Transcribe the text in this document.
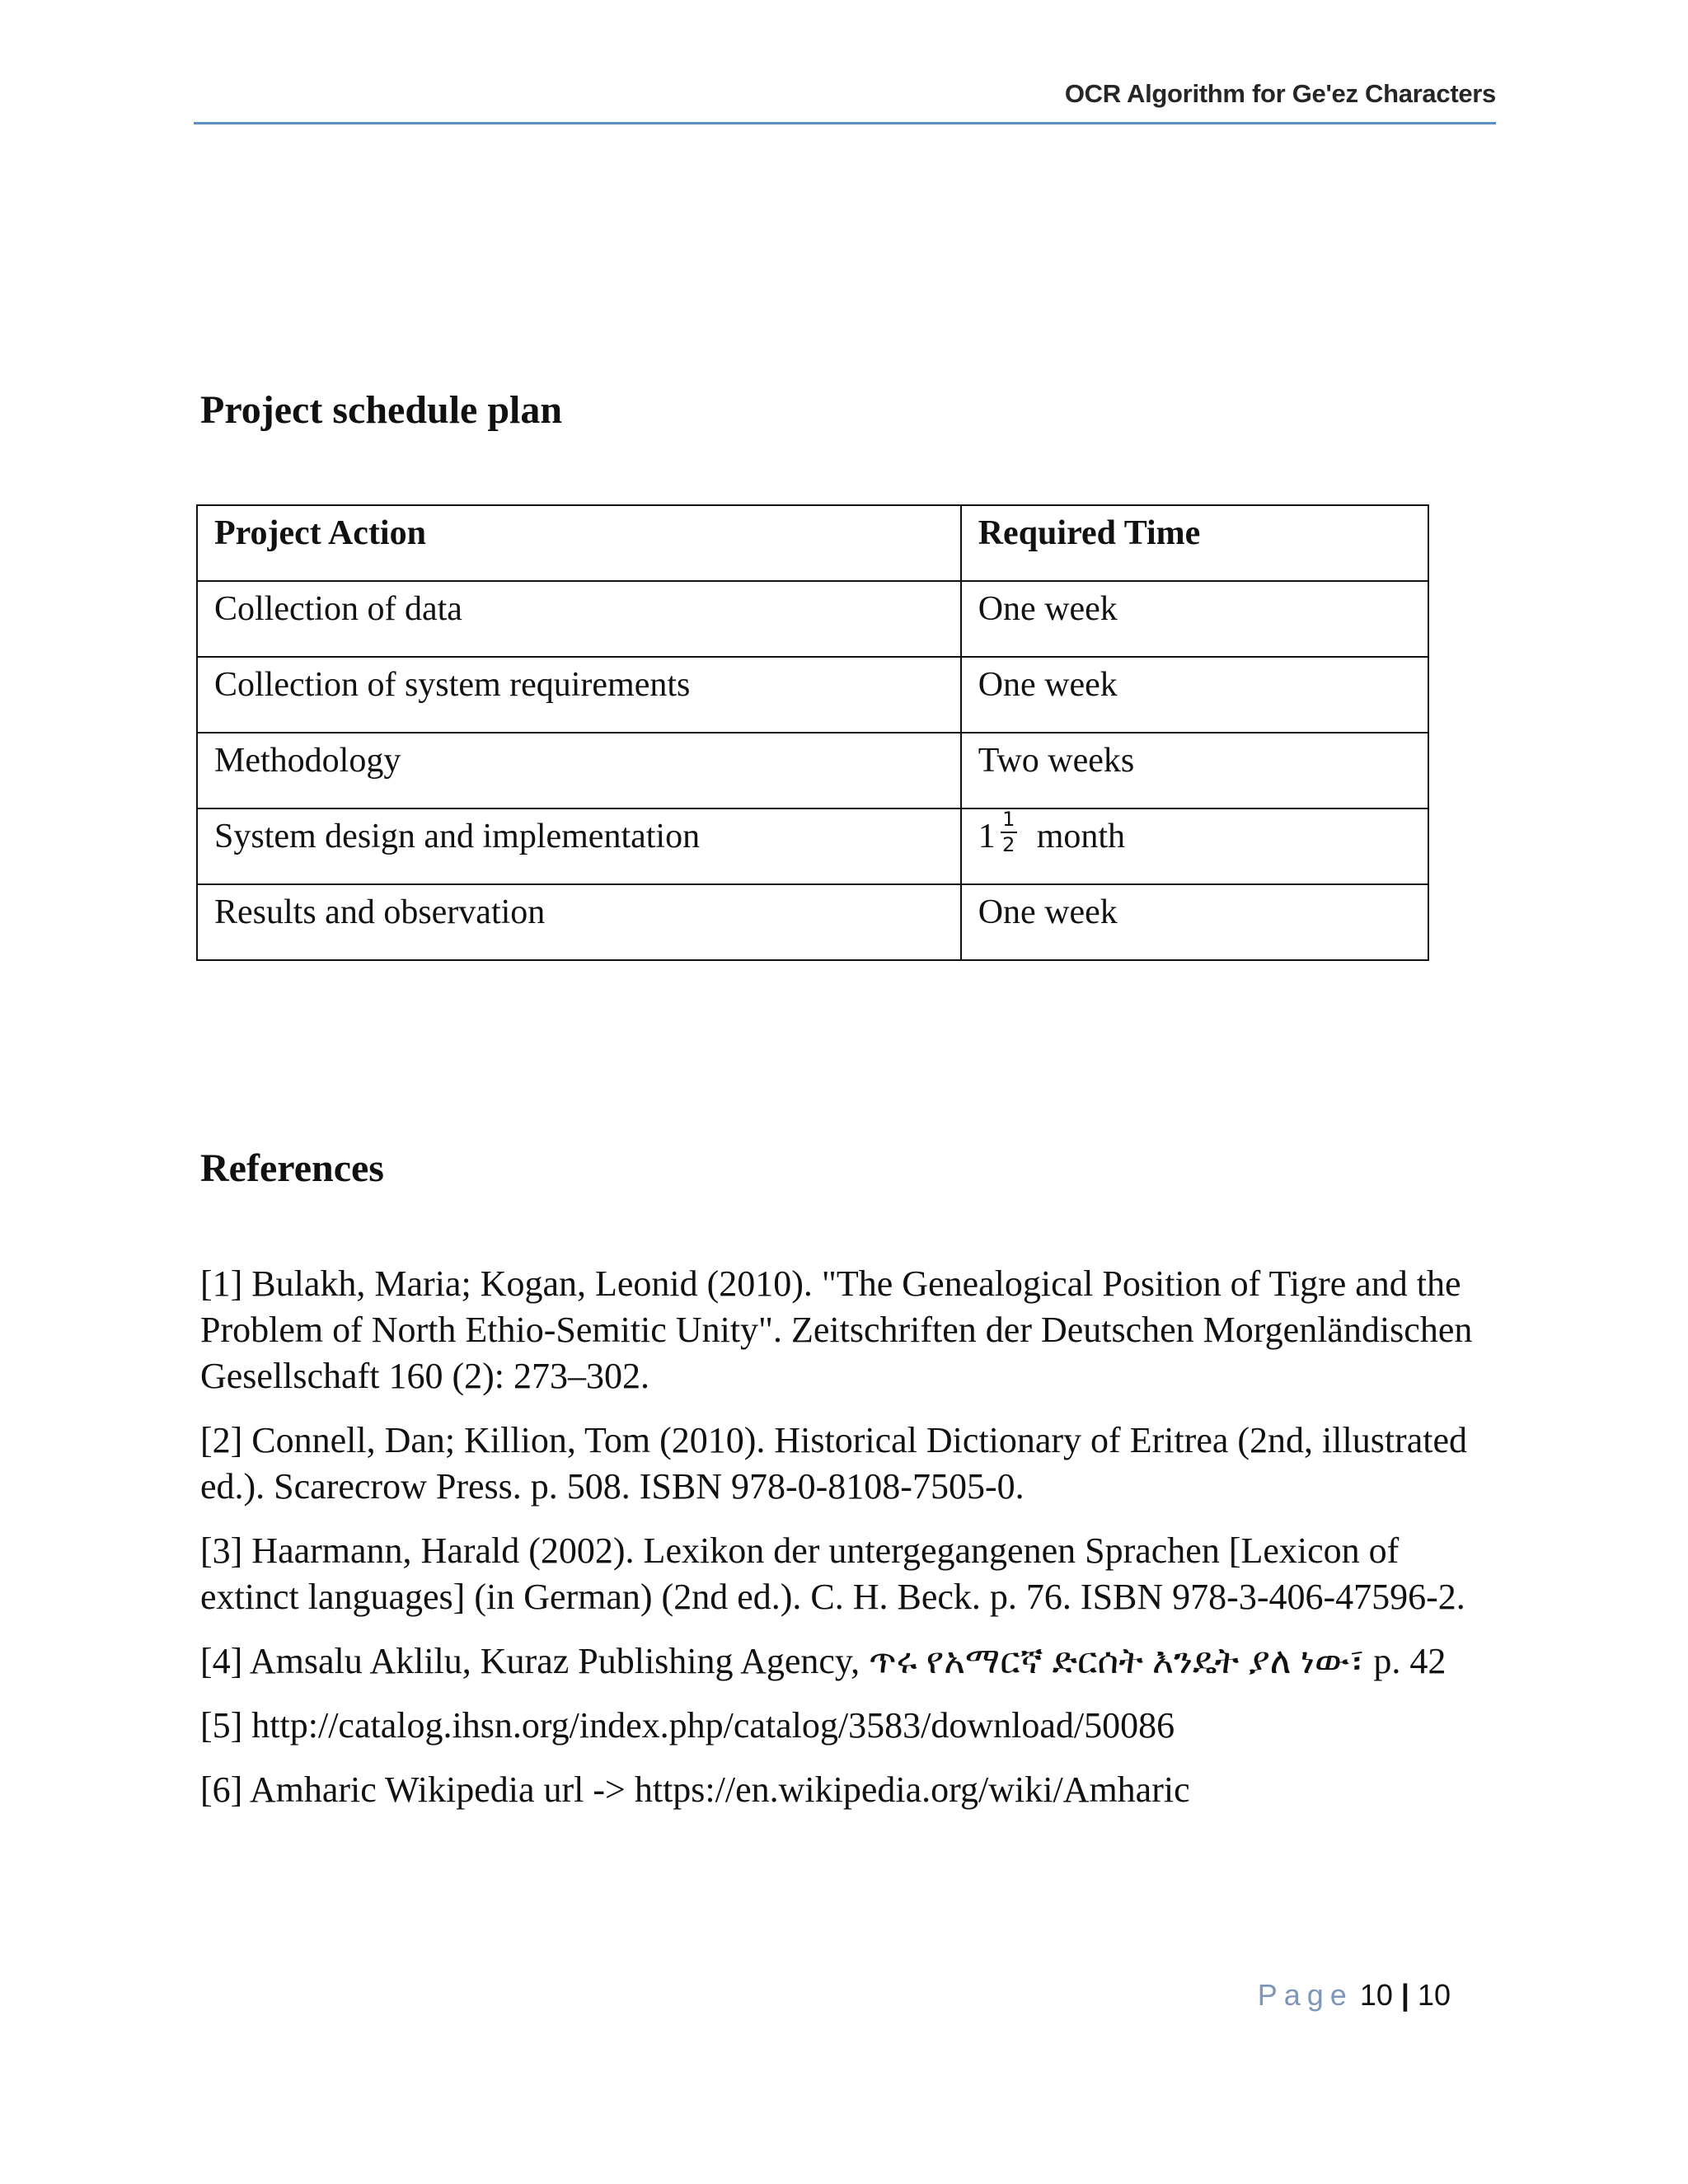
OCR Algorithm for Ge'ez Characters
Project schedule plan
Project Action	Required Time
Collection of data	One week
Collection of system requirements	One week
Methodology	Two weeks
System design and implementation	$1 \frac{1}{2}$ month
Results and observation	One week
References

[1] Bulakh, Maria; Kogan, Leonid (2010). "The Genealogical Position of Tigre and the Problem of North Ethio-Semitic Unity". Zeitschriften der Deutschen Morgenländischen Gesellschaft 160 (2): 273–302.

[2] Connell, Dan; Killion, Tom (2010). Historical Dictionary of Eritrea (2nd, illustrated ed.). Scarecrow Press. p. 508. ISBN 978-0-8108-7505-0.

[3] Haarmann, Harald (2002). Lexikon der untergegangenen Sprachen [Lexicon of extinct languages] (in German) (2nd ed.). C. H. Beck. p. 76. ISBN 978-3-406-47596-2.

[4] Amsalu Aklilu, Kuraz Publishing Agency, ጥሩ የአማርኛ ድርሰት እንዴት ያለ ነው፣ p. 42

[5] http://catalog.ihsn.org/index.php/catalog/3583/download/50086

[6] Amharic Wikipedia url -> https://en.wikipedia.org/wiki/Amharic

Page 10 | 10
